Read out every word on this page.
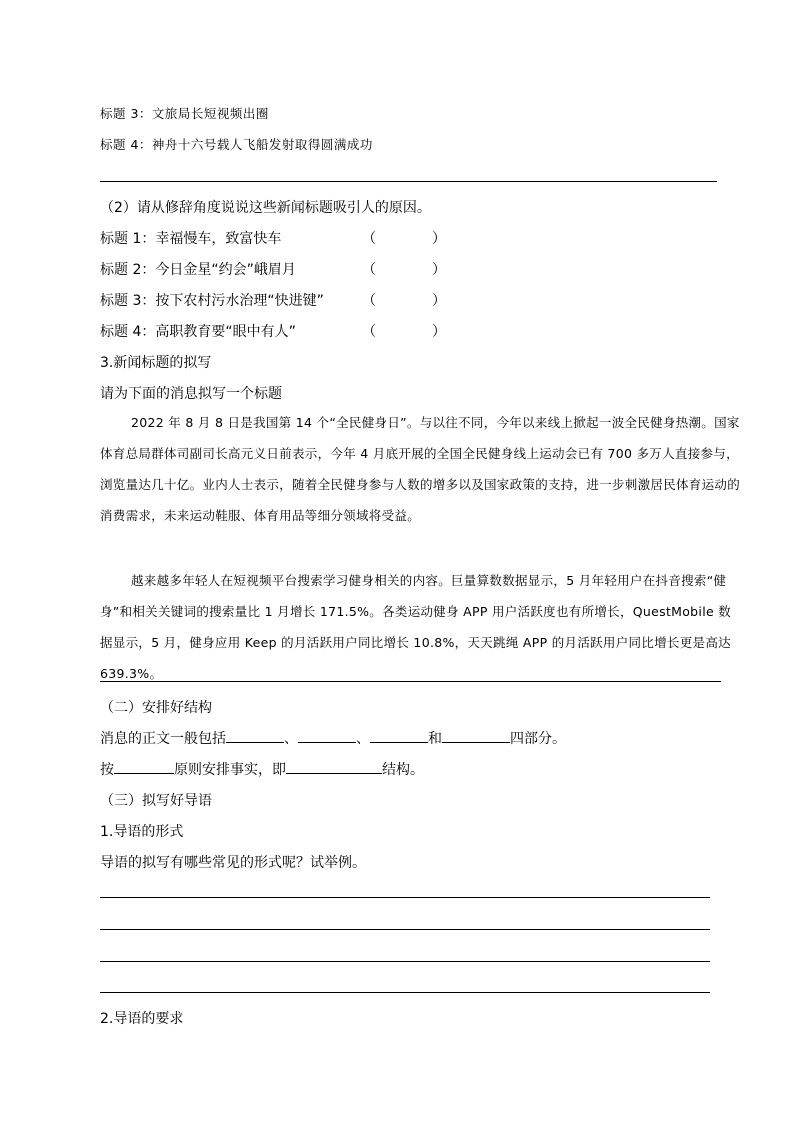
标题 3：文旅局长短视频出圈
标题 4：神舟十六号载人飞船发射取得圆满成功
（2）请从修辞角度说说这些新闻标题吸引人的原因。
标题 1：幸福慢车，致富快车	（　　　　）
标题 2：今日金星“约会”峨眉月	（　　　　）
标题 3：按下农村污水治理“快进键”	（　　　　）
标题 4：高职教育要“眼中有人”	（　　　　）
3.新闻标题的拟写
请为下面的消息拟写一个标题
2022 年 8 月 8 日是我国第 14 个“全民健身日”。与以往不同，今年以来线上掀起一波全民健身热潮。国家体育总局群体司副司长高元义日前表示，今年 4 月底开展的全国全民健身线上运动会已有 700 多万人直接参与，浏览量达几十亿。业内人士表示，随着全民健身参与人数的增多以及国家政策的支持，进一步刺激居民体育运动的消费需求，未来运动鞋服、体育用品等细分领域将受益。
越来越多年轻人在短视频平台搜索学习健身相关的内容。巨量算数数据显示，5 月年轻用户在抖音搜索“健身”和相关关键词的搜索量比 1 月增长 171.5%。各类运动健身 APP 用户活跃度也有所增长，QuestMobile 数据显示，5 月，健身应用 Keep 的月活跃用户同比增长 10.8%，天天跳绳 APP 的月活跃用户同比增长更是高达 639.3%。
（二）安排好结构
消息的正文一般包括	、	、	和	四部分。
按	原则安排事实，即	结构。
（三）拟写好导语
1.导语的形式
导语的拟写有哪些常见的形式呢？试举例。
2.导语的要求
